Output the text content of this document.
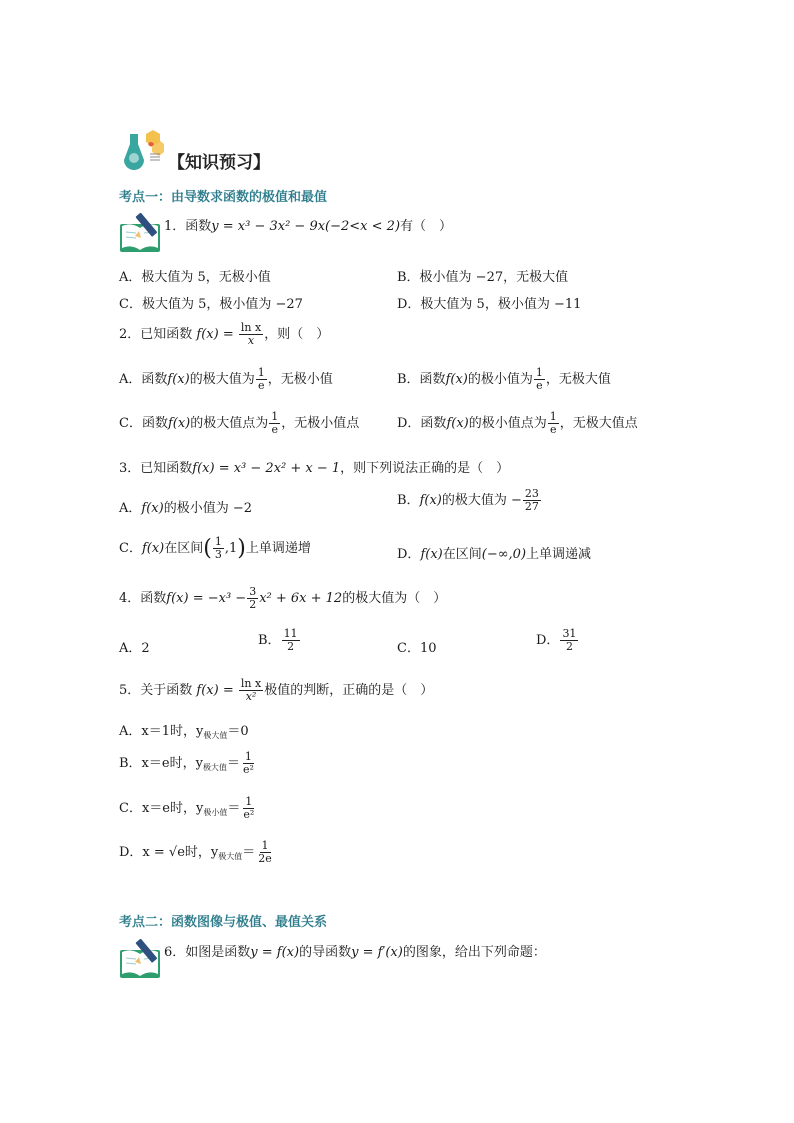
【知识预习】
考点一：由导数求函数的极值和最值
1．函数y = x³ − 3x² − 9x(−2<x < 2)有（　）
A．极大值为 5，无极小值	B．极小值为 −27，无极大值
C．极大值为 5，极小值为 −27	D．极大值为 5，极小值为 −11
2．已知函数 $f(x) = \frac{\text{ln x}}{x}$ ，则（　）
A．函数f(x)的极大值为 $\frac{1}{e}$ ，无极小值	B．函数f(x)的极小值为 $\frac{1}{e}$ ，无极大值
C．函数f(x)的极大值点为 $\frac{1}{e}$ ，无极小值点	D．函数f(x)的极小值点为 $\frac{1}{e}$ ，无极大值点
3．已知函数f(x) = x³ − 2x² + x − 1，则下列说法正确的是（　）
A．f(x)的极小值为 −2
B．f(x)的极大值为 − $\frac{23}{27}$
C．f(x)在区间( $\frac{1}{3} ,1$)上单调递增	D．f(x)在区间(−∞,0)上单调递减
4．函数$f(x) = -x^3 - \frac{3}{2} x^2 + 6x + 12$的极大值为（　）
A．2
B． $\frac{11}{2}$	C．10
D． $\frac{31}{2}$
5．关于函数 $f(x) = \frac{\text{ln x}}{\text{x²}}$ 极值的判断，正确的是（　）
A．x＝1时，$y_{极大值}=0$
B．x＝e时，$y_{极大值}= \frac{1}{\text{e²}}$
C．x＝e时，$y_{极小值}= \frac{1}{\text{e²}}$
D．x = √e时，$y_{极大值}= \frac{1}{2e}$
考点二：函数图像与极值、最值关系
6．如图是函数y = f(x)的导函数y = f′(x)的图象，给出下列命题：
